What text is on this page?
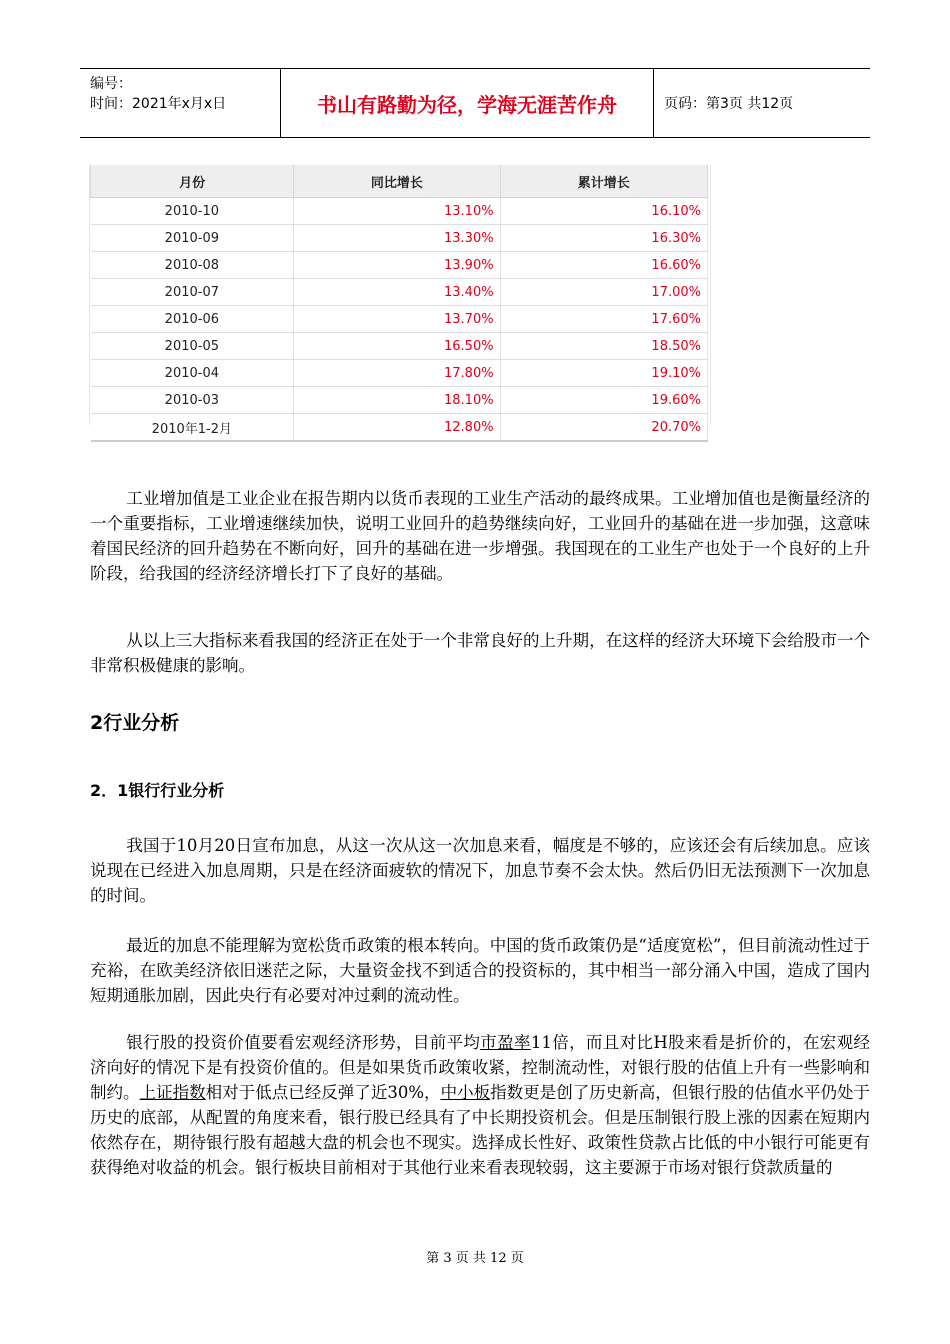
编号：
时间：2021年x月x日	书山有路勤为径，学海无涯苦作舟	页码：第3页 共12页
月份	同比增长	累计增长
2010-10	13.10%	16.10%
2010-09	13.30%	16.30%
2010-08	13.90%	16.60%
2010-07	13.40%	17.00%
2010-06	13.70%	17.60%
2010-05	16.50%	18.50%
2010-04	17.80%	19.10%
2010-03	18.10%	19.60%
2010年1-2月	12.80%	20.70%
工业增加值是工业企业在报告期内以货币表现的工业生产活动的最终成果。工业增加值也是衡量经济的一个重要指标，工业增速继续加快，说明工业回升的趋势继续向好，工业回升的基础在进一步加强，这意味着国民经济的回升趋势在不断向好，回升的基础在进一步增强。我国现在的工业生产也处于一个良好的上升阶段，给我国的经济经济增长打下了良好的基础。
从以上三大指标来看我国的经济正在处于一个非常良好的上升期，在这样的经济大环境下会给股市一个非常积极健康的影响。
2行业分析
2．1银行行业分析
我国于10月20日宣布加息，从这一次从这一次加息来看，幅度是不够的，应该还会有后续加息。应该说现在已经进入加息周期，只是在经济面疲软的情况下，加息节奏不会太快。然后仍旧无法预测下一次加息的时间。
最近的加息不能理解为宽松货币政策的根本转向。中国的货币政策仍是“适度宽松”，但目前流动性过于充裕，在欧美经济依旧迷茫之际，大量资金找不到适合的投资标的，其中相当一部分涌入中国，造成了国内短期通胀加剧，因此央行有必要对冲过剩的流动性。
银行股的投资价值要看宏观经济形势，目前平均市盈率11倍，而且对比H股来看是折价的，在宏观经济向好的情况下是有投资价值的。但是如果货币政策收紧，控制流动性，对银行股的估值上升有一些影响和制约。上证指数相对于低点已经反弹了近30%，中小板指数更是创了历史新高，但银行股的估值水平仍处于历史的底部，从配置的角度来看，银行股已经具有了中长期投资机会。但是压制银行股上涨的因素在短期内依然存在，期待银行股有超越大盘的机会也不现实。选择成长性好、政策性贷款占比低的中小银行可能更有获得绝对收益的机会。银行板块目前相对于其他行业来看表现较弱，这主要源于市场对银行贷款质量的
第 3 页 共 12 页
